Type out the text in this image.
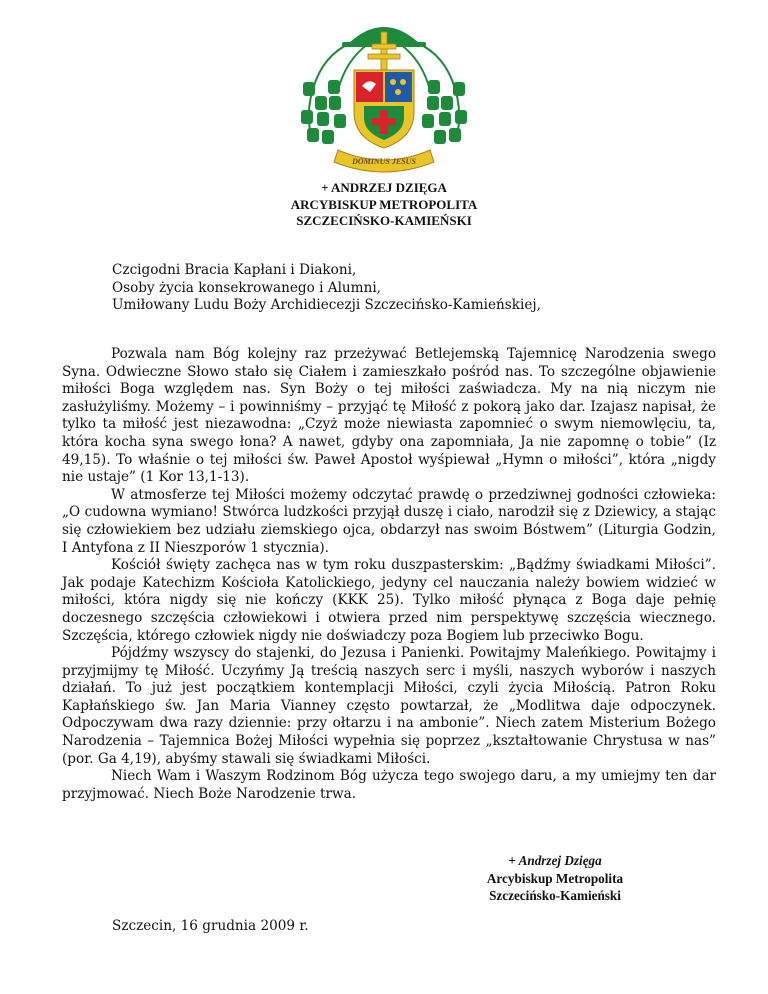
DOMINUS JESUS
+ ANDRZEJ DZIĘGA
ARCYBISKUP METROPOLITA
SZCZECIŃSKO-KAMIEŃSKI
Czcigodni Bracia Kapłani i Diakoni,
Osoby życia konsekrowanego i Alumni,
Umiłowany Ludu Boży Archidiecezji Szczecińsko-Kamieńskiej,

Pozwala nam Bóg kolejny raz przeżywać Betlejemską Tajemnicę Narodzenia swego Syna. Odwieczne Słowo stało się Ciałem i zamieszkało pośród nas. To szczególne objawienie miłości Boga względem nas. Syn Boży o tej miłości zaświadcza. My na nią niczym nie zasłużyliśmy. Możemy – i powinniśmy – przyjąć tę Miłość z pokorą jako dar. Izajasz napisał, że tylko ta miłość jest niezawodna: „Czyż może niewiasta zapomnieć o swym niemowlęciu, ta, która kocha syna swego łona? A nawet, gdyby ona zapomniała, Ja nie zapomnę o tobie” (Iz 49,15). To właśnie o tej miłości św. Paweł Apostoł wyśpiewał „Hymn o miłości”, która „nigdy nie ustaje” (1 Kor 13,1-13).

W atmosferze tej Miłości możemy odczytać prawdę o przedziwnej godności człowieka: „O cudowna wymiano! Stwórca ludzkości przyjął duszę i ciało, narodził się z Dziewicy, a stając się człowiekiem bez udziału ziemskiego ojca, obdarzył nas swoim Bóstwem” (Liturgia Godzin, I Antyfona z II Nieszporów 1 stycznia).

Kościół święty zachęca nas w tym roku duszpasterskim: „Bądźmy świadkami Miłości”. Jak podaje Katechizm Kościoła Katolickiego, jedyny cel nauczania należy bowiem widzieć w miłości, która nigdy się nie kończy (KKK 25). Tylko miłość płynąca z Boga daje pełnię doczesnego szczęścia człowiekowi i otwiera przed nim perspektywę szczęścia wiecznego. Szczęścia, którego człowiek nigdy nie doświadczy poza Bogiem lub przeciwko Bogu.

Pójdźmy wszyscy do stajenki, do Jezusa i Panienki. Powitajmy Maleńkiego. Powitajmy i przyjmijmy tę Miłość. Uczyńmy Ją treścią naszych serc i myśli, naszych wyborów i naszych działań. To już jest początkiem kontemplacji Miłości, czyli życia Miłością. Patron Roku Kapłańskiego św. Jan Maria Vianney często powtarzał, że „Modlitwa daje odpoczynek. Odpoczywam dwa razy dziennie: przy ołtarzu i na ambonie”. Niech zatem Misterium Bożego Narodzenia – Tajemnica Bożej Miłości wypełnia się poprzez „kształtowanie Chrystusa w nas” (por. Ga 4,19), abyśmy stawali się świadkami Miłości.

Niech Wam i Waszym Rodzinom Bóg użycza tego swojego daru, a my umiejmy ten dar przyjmować. Niech Boże Narodzenie trwa.

+ Andrzej Dzięga
Arcybiskup Metropolita
Szczecińsko-Kamieński
Szczecin, 16 grudnia 2009 r.
